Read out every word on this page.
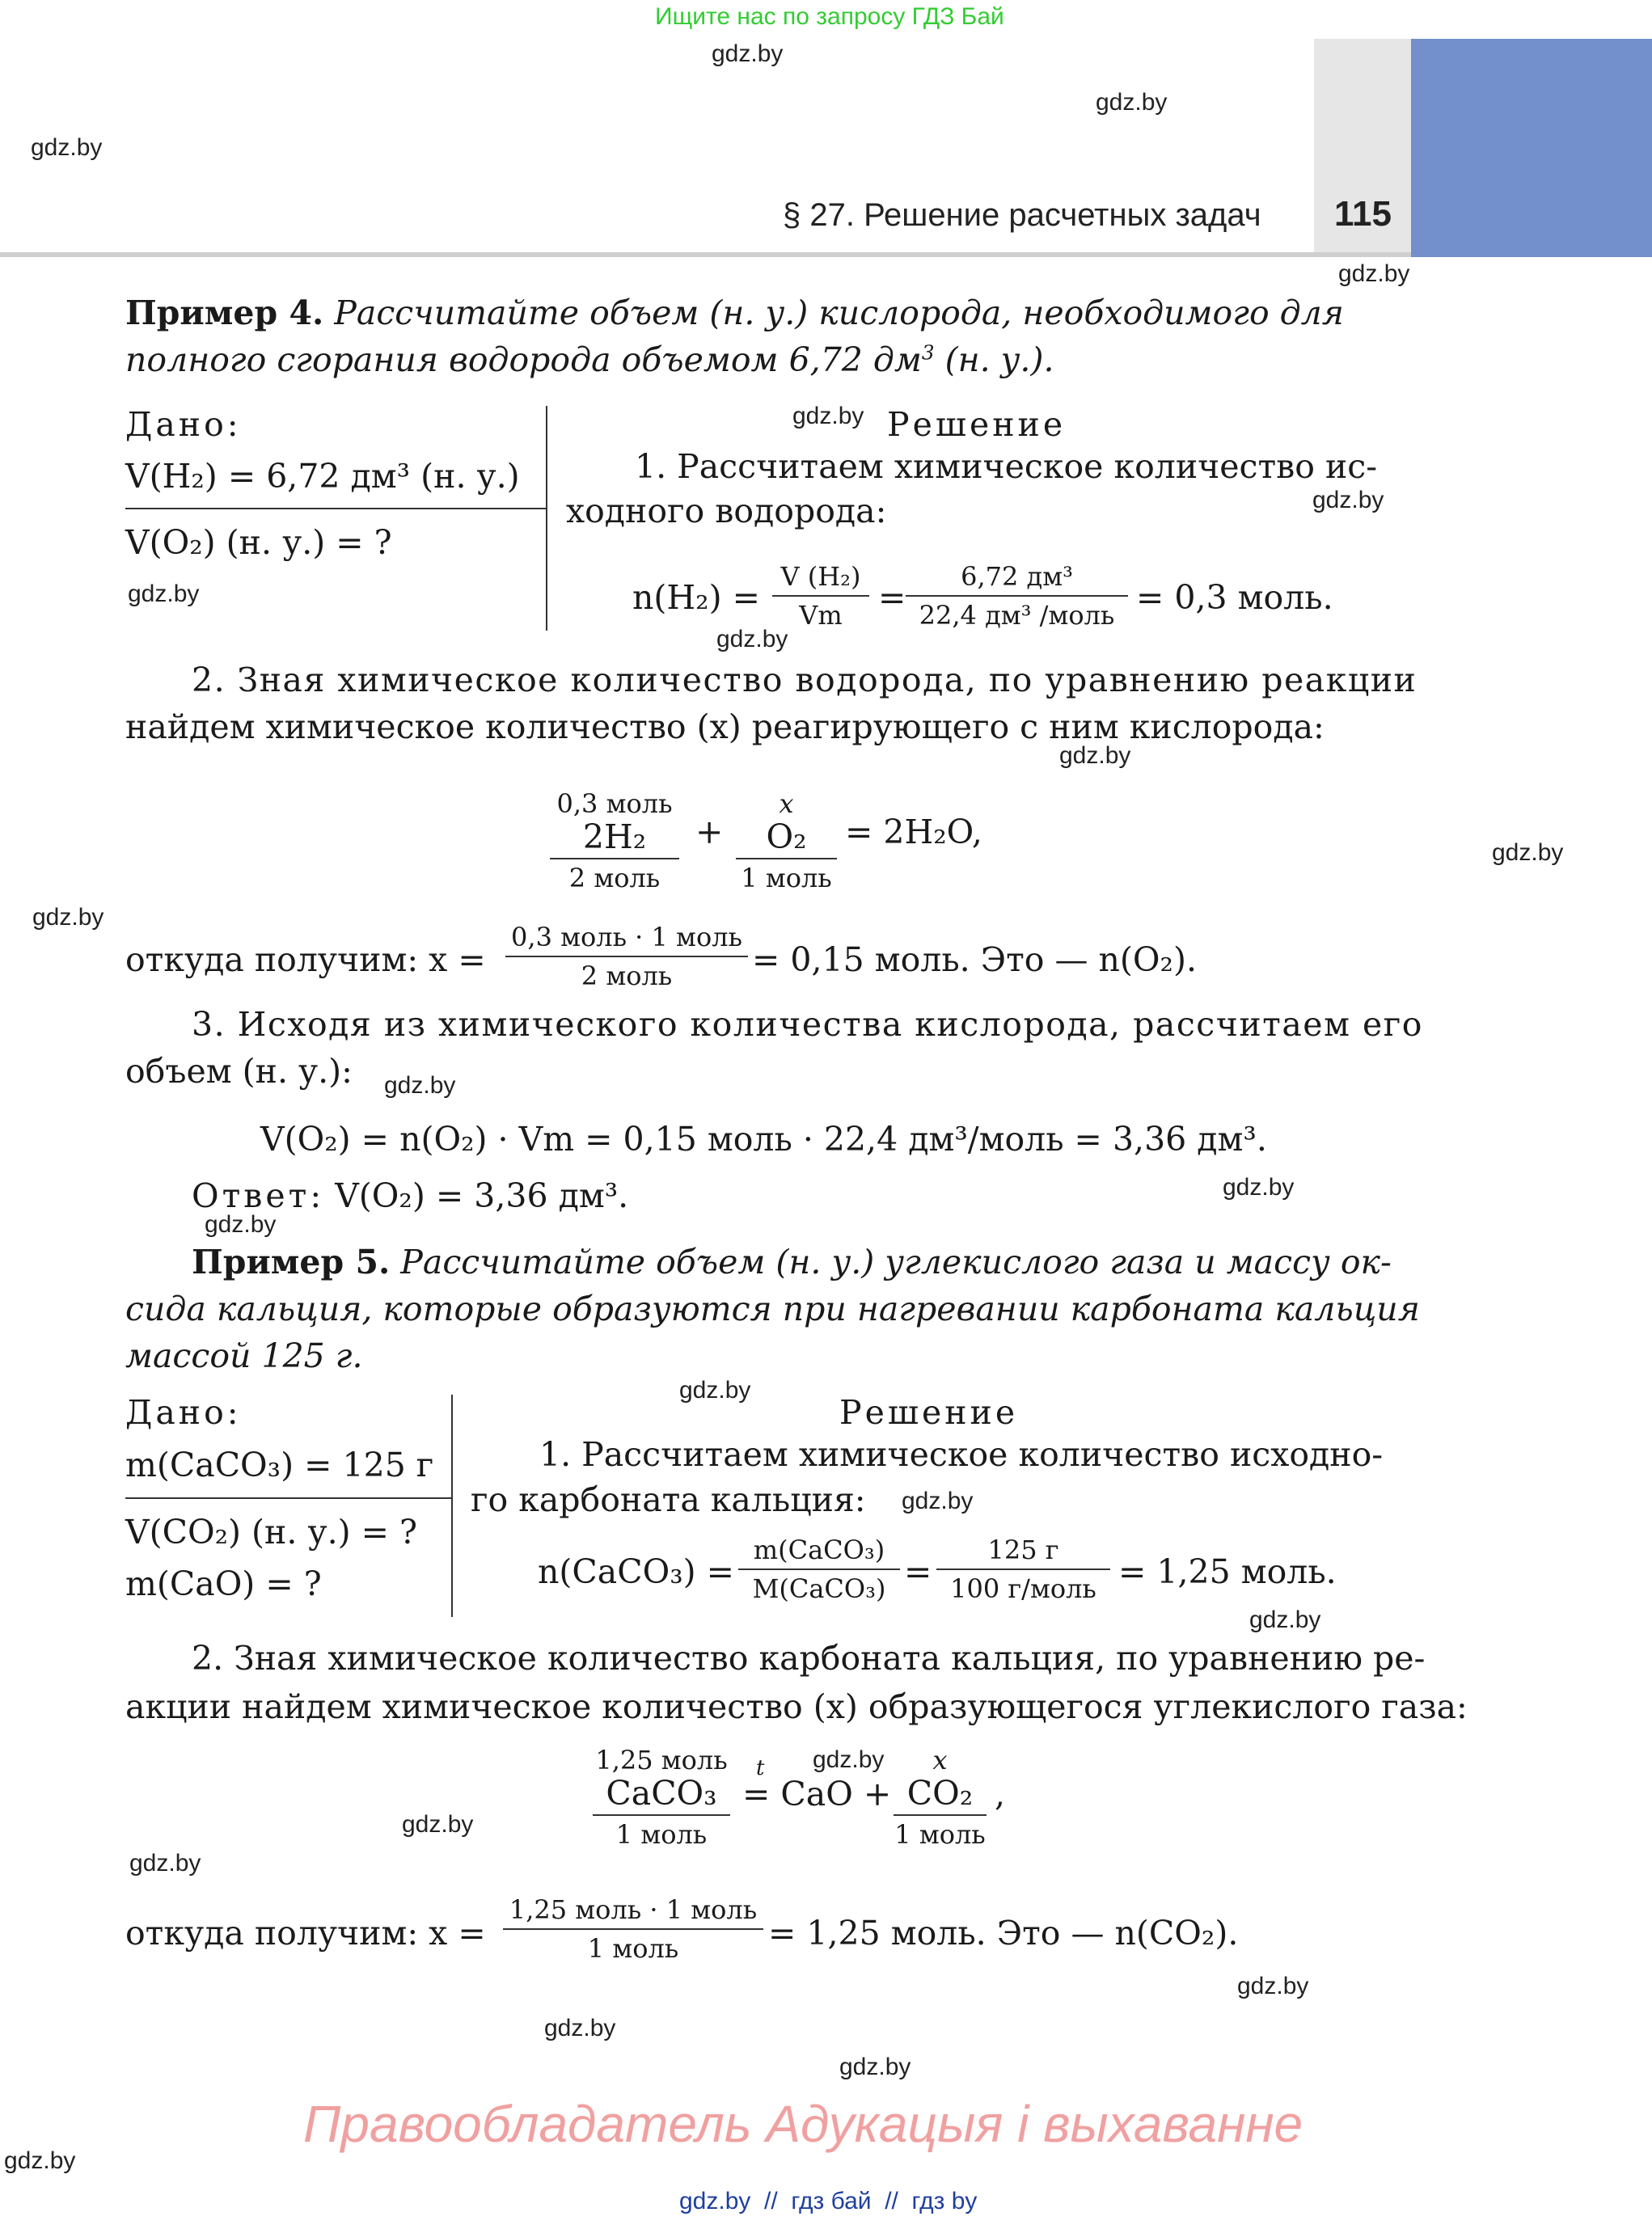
Ищите нас по запросу ГДЗ Бай
§ 27. Решение расчетных задач 115
gdz.by
gdz.by
gdz.by
gdz.by
gdz.by
gdz.by
gdz.by
gdz.by
gdz.by
gdz.by
gdz.by
gdz.by
gdz.by
gdz.by
gdz.by
gdz.by
gdz.by
gdz.by
gdz.by
gdz.by
gdz.by
gdz.by
gdz.by
gdz.by
Пример 4. Рассчитайте объем (н. у.) кислорода, необходимого для
полного сгорания водорода объемом 6,72 $дм^3$ (н. у.).
Дано:
V(H₂) = 6,72 дм³ (н. у.)
V(O₂) (н. у.) = ?
Решение
1. Рассчитаем химическое количество ис-
ходного водорода:
n(H₂) =
V (H₂)
Vm	=
6,72 дм³
22,4 дм³ /моль = 0,3 моль.
2. Зная химическое количество водорода, по уравнению реакции
найдем химическое количество (x) реагирующего с ним кислорода:
0,3 моль
2H₂
2 моль
+
x
O₂
1 моль
= 2H₂O,
откуда получим: x =
0,3 моль · 1 моль
2 моль	= 0,15 моль. Это — n(O₂).
3. Исходя из химического количества кислорода, рассчитаем его
объем (н. у.):
V(O₂) = n(O₂) · Vm = 0,15 моль · 22,4 дм³/моль = 3,36 дм³.
Ответ: V(O₂) = 3,36 дм³.
Пример 5. Рассчитайте объем (н. у.) углекислого газа и массу ок-
сида кальция, которые образуются при нагревании карбоната кальция
массой 125 г.
Дано:
m(CaCO₃) = 125 г
V(CO₂) (н. у.) = ?
m(CaO) = ?
Решение
1. Рассчитаем химическое количество исходно-
го карбоната кальция:
n(CaCO₃) =
m(CaCO₃)
M(CaCO₃) =
125 г
100 г/моль = 1,25 моль.
2. Зная химическое количество карбоната кальция, по уравнению ре-
акции найдем химическое количество (x) образующегося углекислого газа:
1,25 моль
CaCO₃
1 моль
t
= CaO +
x
CO₂
1 моль
,
откуда получим: x =
1,25 моль · 1 моль
1 моль	= 1,25 моль. Это — n(CO₂).
Правообладатель Адукацыя і выхаванне
gdz.by  //  гдз бай  //  гдз by
